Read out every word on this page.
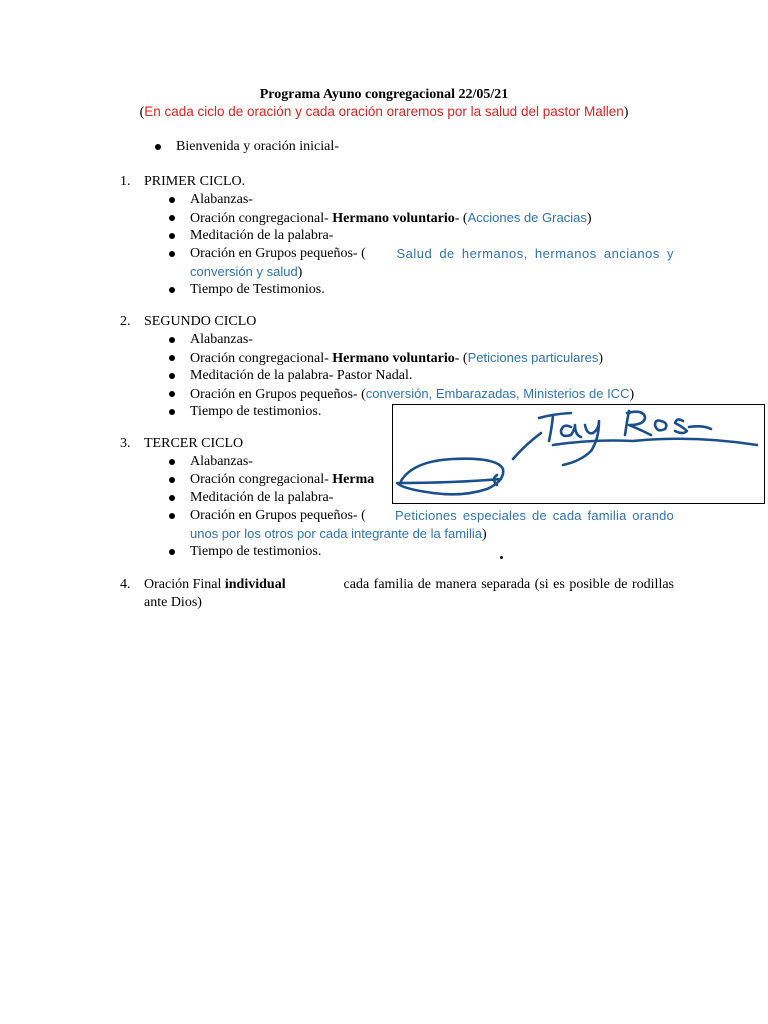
Programa Ayuno congregacional 22/05/21
(En cada ciclo de oración y cada oración oraremos por la salud del pastor Mallen)
Bienvenida y oración inicial-
1. PRIMER CICLO.
Alabanzas-
Oración congregacional- Hermano voluntario- (Acciones de Gracias)
Meditación de la palabra-
Oración en Grupos pequeños- ( Salud de hermanos, hermanos ancianos y
conversión y salud)
Tiempo de Testimonios.
2. SEGUNDO CICLO
Alabanzas-
Oración congregacional- Hermano voluntario- (Peticiones particulares)
Meditación de la palabra- Pastor Nadal.
Oración en Grupos pequeños- (conversión, Embarazadas, Ministerios de ICC)
Tiempo de testimonios.
3. TERCER CICLO
Alabanzas-
Oración congregacional- Herma
Meditación de la palabra-
Oración en Grupos pequeños- ( Peticiones especiales de cada familia orando
unos por los otros por cada integrante de la familia)
Tiempo de testimonios.
4. Oración Final individual	cada familia de manera separada (si es posible de rodillas
ante Dios)
